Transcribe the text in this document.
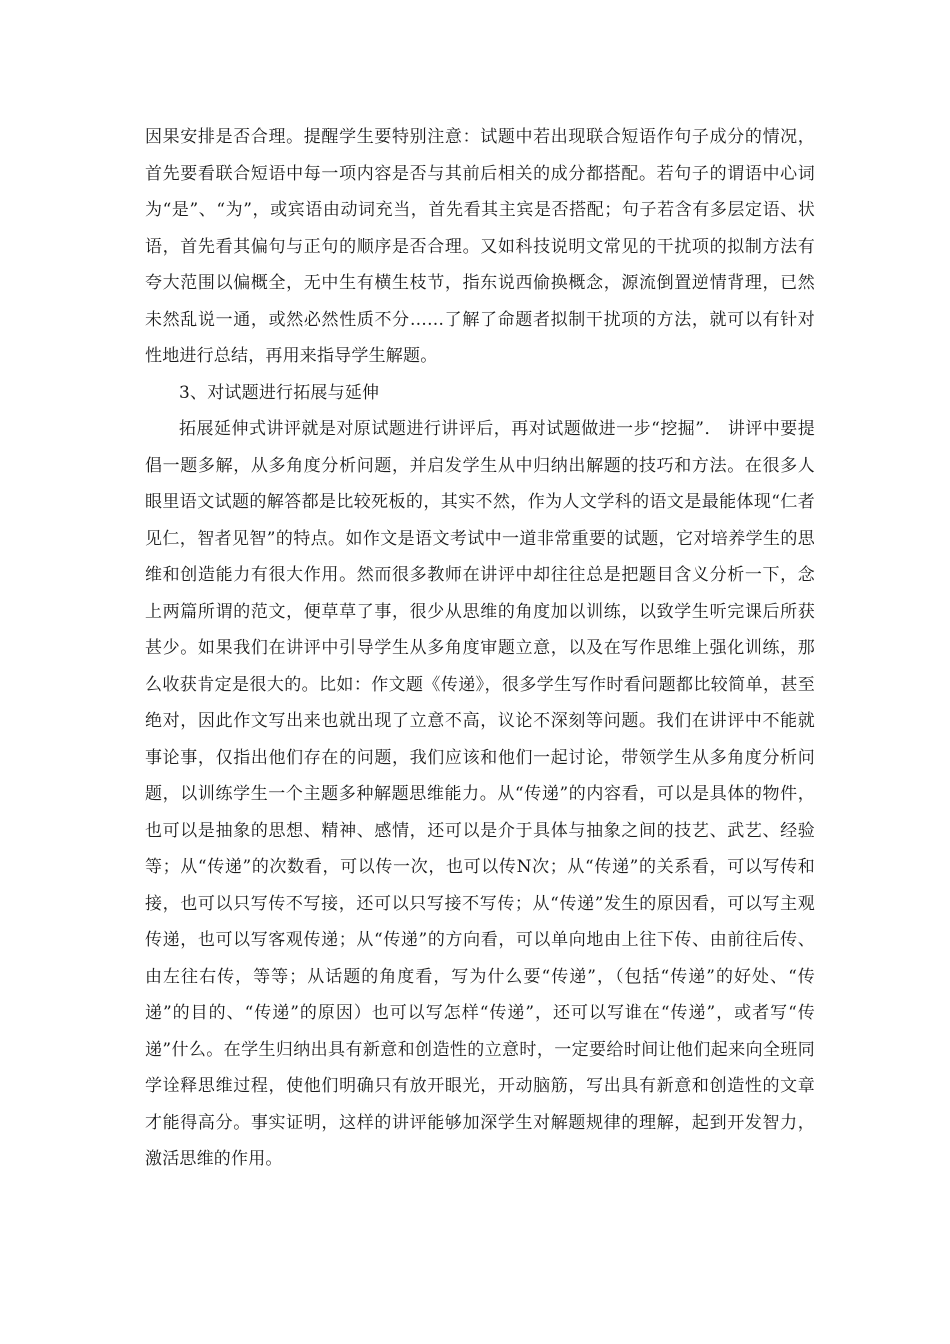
因果安排是否合理。提醒学生要特别注意：试题中若出现联合短语作句子成分的情况，首先要看联合短语中每一项内容是否与其前后相关的成分都搭配。若句子的谓语中心词为“是”、“为”，或宾语由动词充当，首先看其主宾是否搭配；句子若含有多层定语、状语，首先看其偏句与正句的顺序是否合理。又如科技说明文常见的干扰项的拟制方法有夸大范围以偏概全，无中生有横生枝节，指东说西偷换概念，源流倒置逆情背理，已然未然乱说一通，或然必然性质不分……了解了命题者拟制干扰项的方法，就可以有针对性地进行总结，再用来指导学生解题。

3、对试题进行拓展与延伸

拓展延伸式讲评就是对原试题进行讲评后，再对试题做进一步“挖掘”． 讲评中要提倡一题多解，从多角度分析问题，并启发学生从中归纳出解题的技巧和方法。在很多人眼里语文试题的解答都是比较死板的，其实不然，作为人文学科的语文是最能体现“仁者见仁，智者见智”的特点。如作文是语文考试中一道非常重要的试题，它对培养学生的思维和创造能力有很大作用。然而很多教师在讲评中却往往总是把题目含义分析一下，念上两篇所谓的范文，便草草了事，很少从思维的角度加以训练，以致学生听完课后所获甚少。如果我们在讲评中引导学生从多角度审题立意，以及在写作思维上强化训练，那么收获肯定是很大的。比如：作文题《传递》，很多学生写作时看问题都比较简单，甚至绝对，因此作文写出来也就出现了立意不高，议论不深刻等问题。我们在讲评中不能就事论事，仅指出他们存在的问题，我们应该和他们一起讨论，带领学生从多角度分析问题，以训练学生一个主题多种解题思维能力。从“传递”的内容看，可以是具体的物件，也可以是抽象的思想、精神、感情，还可以是介于具体与抽象之间的技艺、武艺、经验等；从“传递”的次数看，可以传一次，也可以传N次；从“传递”的关系看，可以写传和接，也可以只写传不写接，还可以只写接不写传；从“传递”发生的原因看，可以写主观传递，也可以写客观传递；从“传递”的方向看，可以单向地由上往下传、由前往后传、由左往右传，等等；从话题的角度看，写为什么要“传递”，（包括“传递”的好处、“传递”的目的、“传递”的原因）也可以写怎样“传递”，还可以写谁在“传递”，或者写“传递”什么。在学生归纳出具有新意和创造性的立意时，一定要给时间让他们起来向全班同学诠释思维过程，使他们明确只有放开眼光，开动脑筋，写出具有新意和创造性的文章才能得高分。事实证明，这样的讲评能够加深学生对解题规律的理解，起到开发智力，激活思维的作用。
